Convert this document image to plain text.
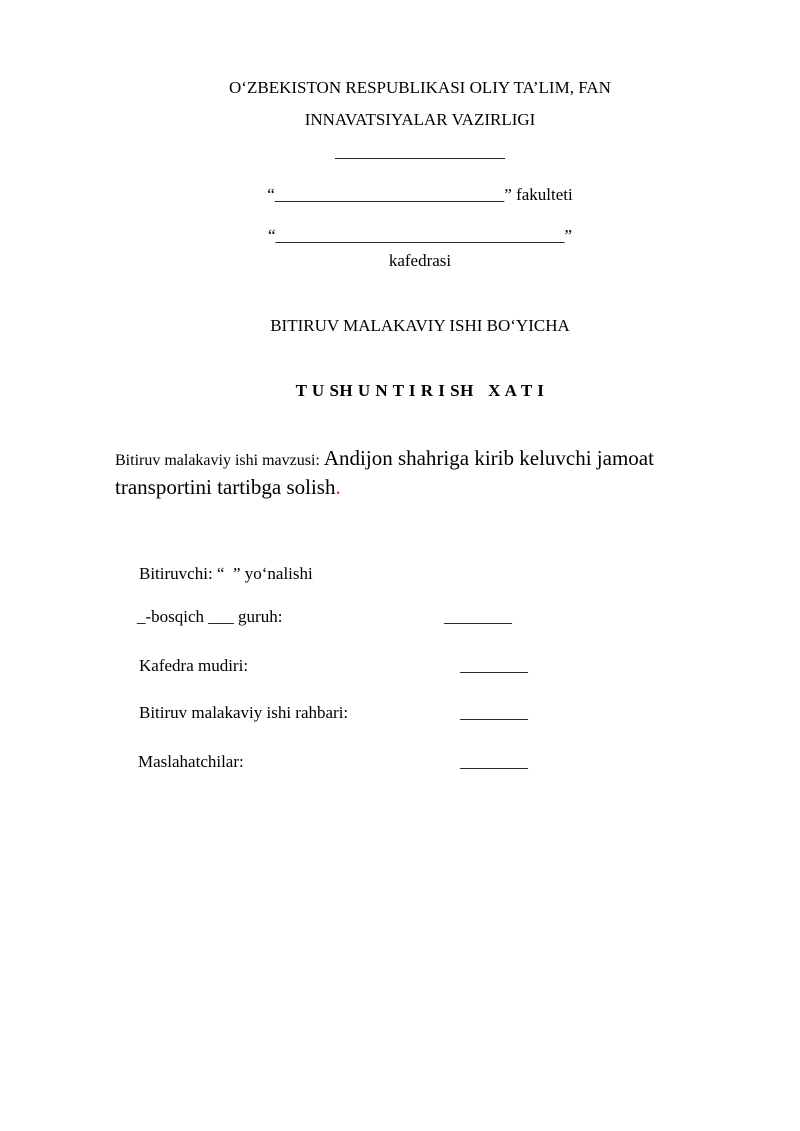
O‘ZBEKISTON RESPUBLIKASI OLIY TA’LIM, FAN
INNAVATSIYALAR VAZIRLIGI
____________________
“___________________________” fakulteti
“__________________________________”
kafedrasi
BITIRUV MALAKAVIY ISHI BO‘YICHA
T U SH U N T I R I SH   X A T I
Bitiruv malakaviy ishi mavzusi: Andijon shahriga kirib keluvchi jamoat transportini tartibga solish.
Bitiruvchi: “  ” yo‘nalishi
_-bosqich ___ guruh:	________
Kafedra mudiri:	________
Bitiruv malakaviy ishi rahbari:	________
Maslahatchilar:	________
